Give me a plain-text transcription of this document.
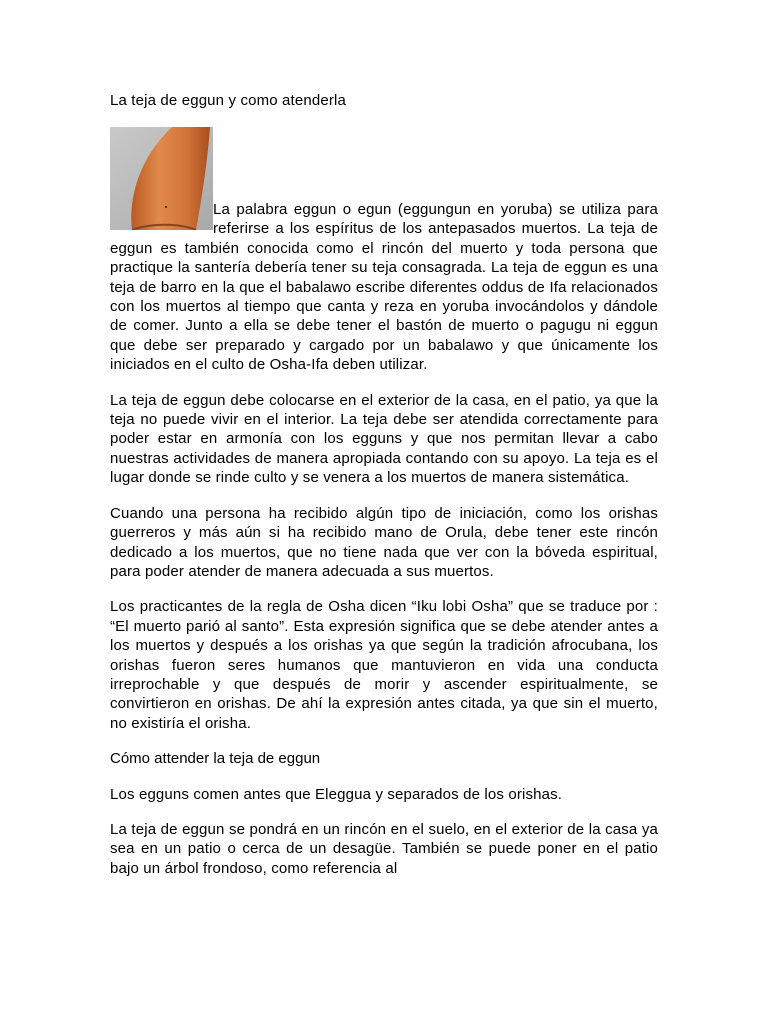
La teja de eggun y como atenderla

La palabra eggun o egun (eggungun en yoruba) se utiliza para referirse a los espíritus de los antepasados muertos. La teja de eggun es también conocida como el rincón del muerto y toda persona que practique la santería debería tener su teja consagrada. La teja de eggun es una teja de barro en la que el babalawo escribe diferentes oddus de Ifa relacionados con los muertos al tiempo que canta y reza en yoruba invocándolos y dándole de comer. Junto a ella se debe tener el bastón de muerto o pagugu ni eggun que debe ser preparado y cargado por un babalawo y que únicamente los iniciados en el culto de Osha-Ifa deben utilizar.

La teja de eggun debe colocarse en el exterior de la casa, en el patio, ya que la teja no puede vivir en el interior. La teja debe ser atendida correctamente para poder estar en armonía con los egguns y que nos permitan llevar a cabo nuestras actividades de manera apropiada contando con su apoyo. La teja es el lugar donde se rinde culto y se venera a los muertos de manera sistemática.

Cuando una persona ha recibido algún tipo de iniciación, como los orishas guerreros y más aún si ha recibido mano de Orula, debe tener este rincón dedicado a los muertos, que no tiene nada que ver con la bóveda espiritual, para poder atender de manera adecuada a sus muertos.

Los practicantes de la regla de Osha dicen “Iku lobi Osha” que se traduce por : “El muerto parió al santo”. Esta expresión significa que se debe atender antes a los muertos y después a los orishas ya que según la tradición afrocubana, los orishas fueron seres humanos que mantuvieron en vida una conducta irreprochable y que después de morir y ascender espiritualmente, se convirtieron en orishas. De ahí la expresión antes citada, ya que sin el muerto, no existiría el orisha.

Cómo attender la teja de eggun

Los egguns comen antes que Eleggua y separados de los orishas.

La teja de eggun se pondrá en un rincón en el suelo, en el exterior de la casa ya sea en un patio o cerca de un desagüe. También se puede poner en el patio bajo un árbol frondoso, como referencia al
